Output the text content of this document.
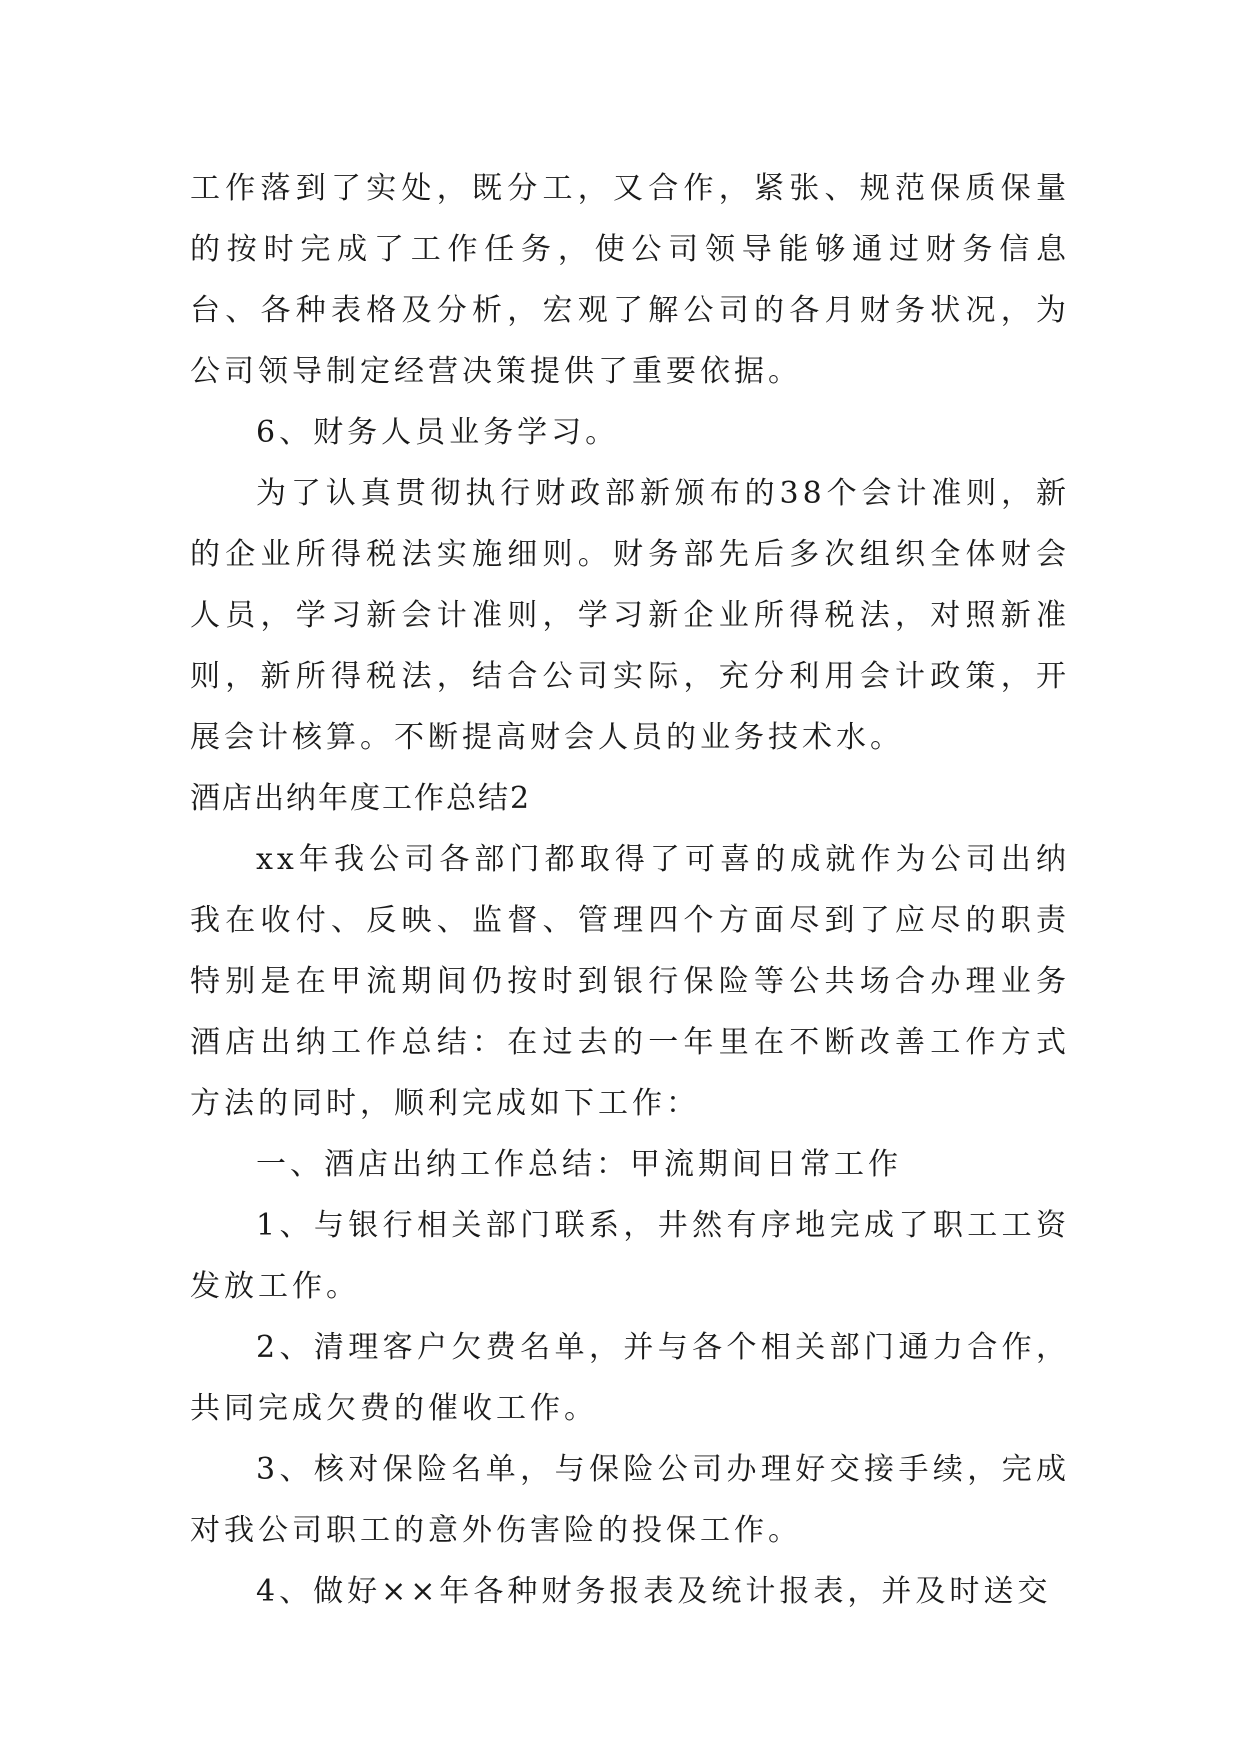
工作落到了实处，既分工，又合作，紧张、规范保质保量的按时完成了工作任务，使公司领导能够通过财务信息台、各种表格及分析，宏观了解公司的各月财务状况，为公司领导制定经营决策提供了重要依据。

6、财务人员业务学习。

为了认真贯彻执行财政部新颁布的38个会计准则，新的企业所得税法实施细则。财务部先后多次组织全体财会人员，学习新会计准则，学习新企业所得税法，对照新准则，新所得税法，结合公司实际，充分利用会计政策，开展会计核算。不断提高财会人员的业务技术水。

酒店出纳年度工作总结2

xx年我公司各部门都取得了可喜的成就作为公司出纳我在收付、反映、监督、管理四个方面尽到了应尽的职责特别是在甲流期间仍按时到银行保险等公共场合办理业务酒店出纳工作总结：在过去的一年里在不断改善工作方式方法的同时，顺利完成如下工作：

一、酒店出纳工作总结：甲流期间日常工作

1、与银行相关部门联系，井然有序地完成了职工工资发放工作。

2、清理客户欠费名单，并与各个相关部门通力合作，共同完成欠费的催收工作。

3、核对保险名单，与保险公司办理好交接手续，完成对我公司职工的意外伤害险的投保工作。

4、做好××年各种财务报表及统计报表，并及时送交
